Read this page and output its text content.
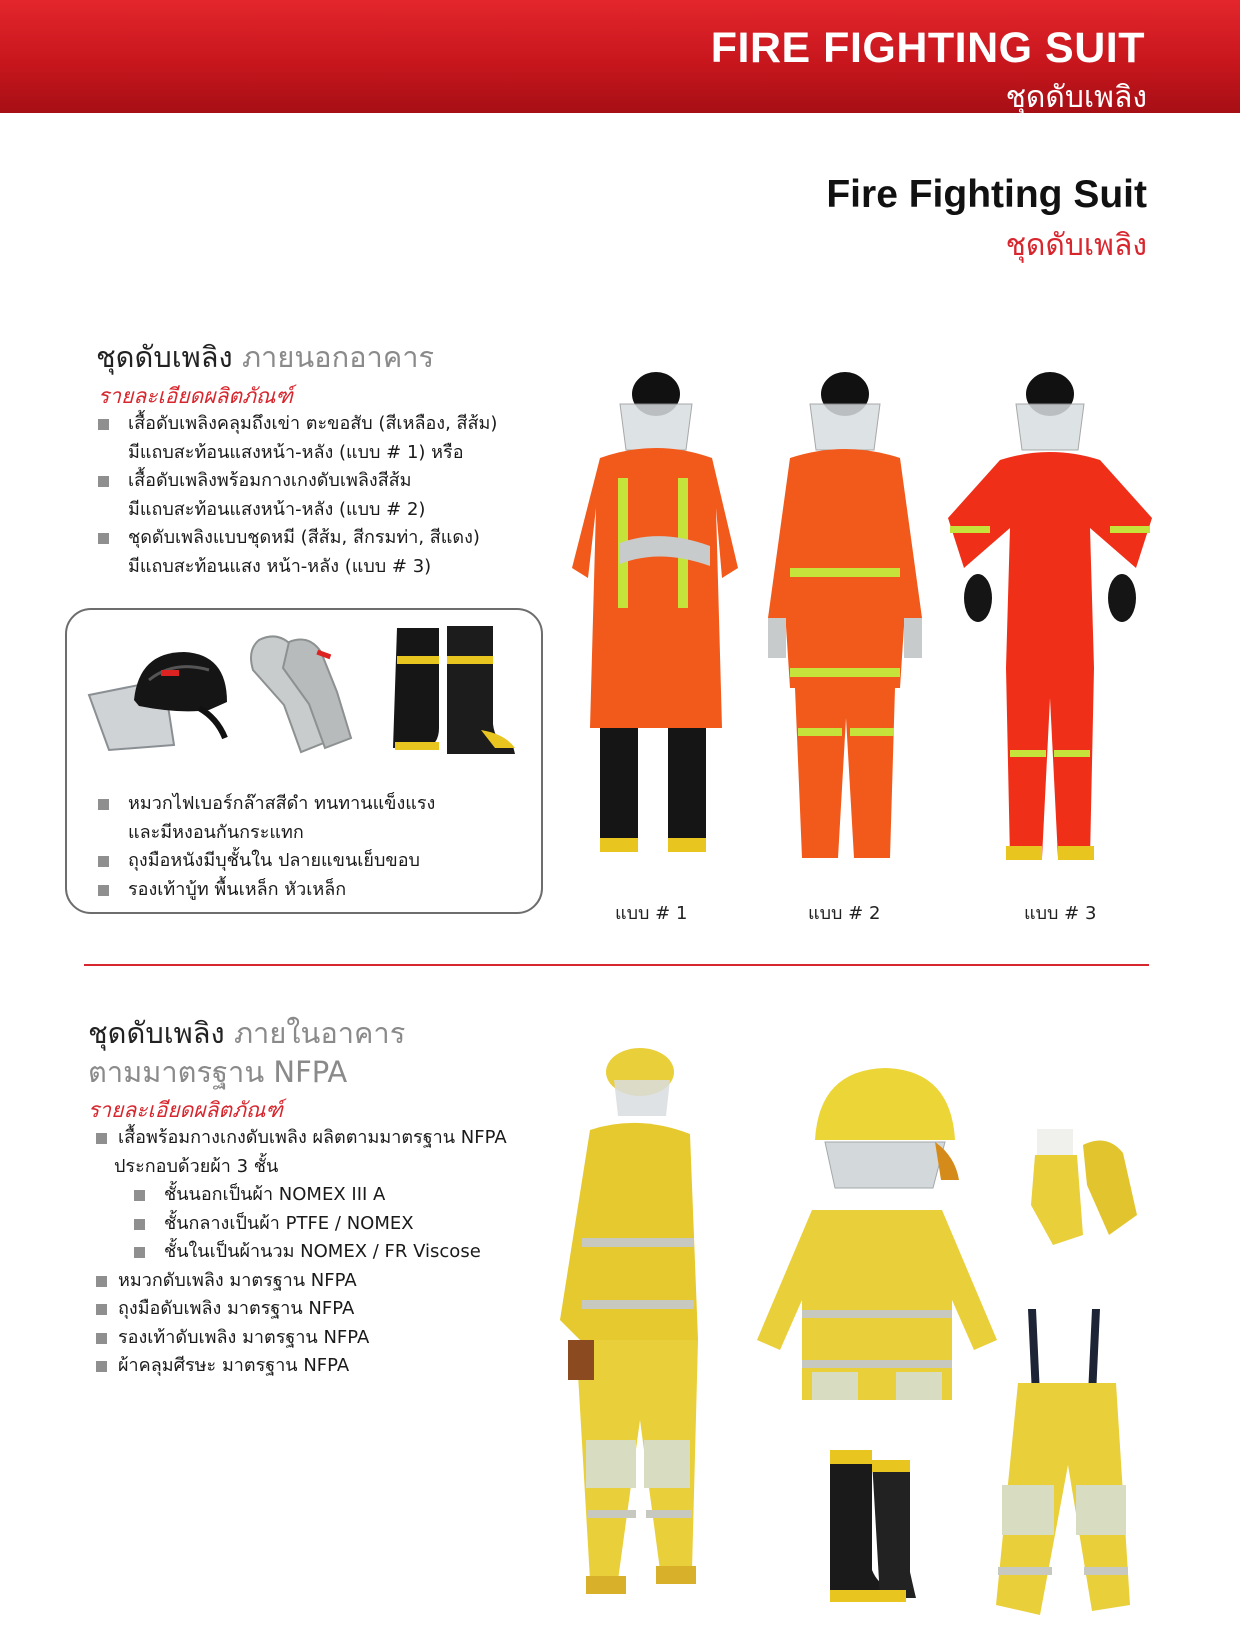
FIRE FIGHTING SUIT
ชุดดับเพลิง
Fire Fighting Suit
ชุดดับเพลิง
ชุดดับเพลิง ภายนอกอาคาร
รายละเอียดผลิตภัณฑ์
เสื้อดับเพลิงคลุมถึงเข่า ตะขอสับ (สีเหลือง, สีส้ม)
มีแถบสะท้อนแสงหน้า-หลัง (แบบ # 1) หรือ
เสื้อดับเพลิงพร้อมกางเกงดับเพลิงสีส้ม
มีแถบสะท้อนแสงหน้า-หลัง (แบบ # 2)
ชุดดับเพลิงแบบชุดหมี (สีส้ม, สีกรมท่า, สีแดง)
มีแถบสะท้อนแสง หน้า-หลัง (แบบ # 3)
หมวกไฟเบอร์กล๊าสสีดำ ทนทานแข็งแรง
และมีหงอนกันกระแทก
ถุงมือหนังมีบุชั้นใน ปลายแขนเย็บขอบ
รองเท้าบู้ท พื้นเหล็ก หัวเหล็ก
แบบ # 1	แบบ # 2	แบบ # 3
ชุดดับเพลิง ภายในอาคาร
ตามมาตรฐาน NFPA
รายละเอียดผลิตภัณฑ์
เสื้อพร้อมกางเกงดับเพลิง ผลิตตามมาตรฐาน NFPA
ประกอบด้วยผ้า 3 ชั้น
ชั้นนอกเป็นผ้า NOMEX III A
ชั้นกลางเป็นผ้า PTFE / NOMEX
ชั้นในเป็นผ้านวม NOMEX / FR Viscose
หมวกดับเพลิง มาตรฐาน NFPA
ถุงมือดับเพลิง มาตรฐาน NFPA
รองเท้าดับเพลิง มาตรฐาน NFPA
ผ้าคลุมศีรษะ มาตรฐาน NFPA
